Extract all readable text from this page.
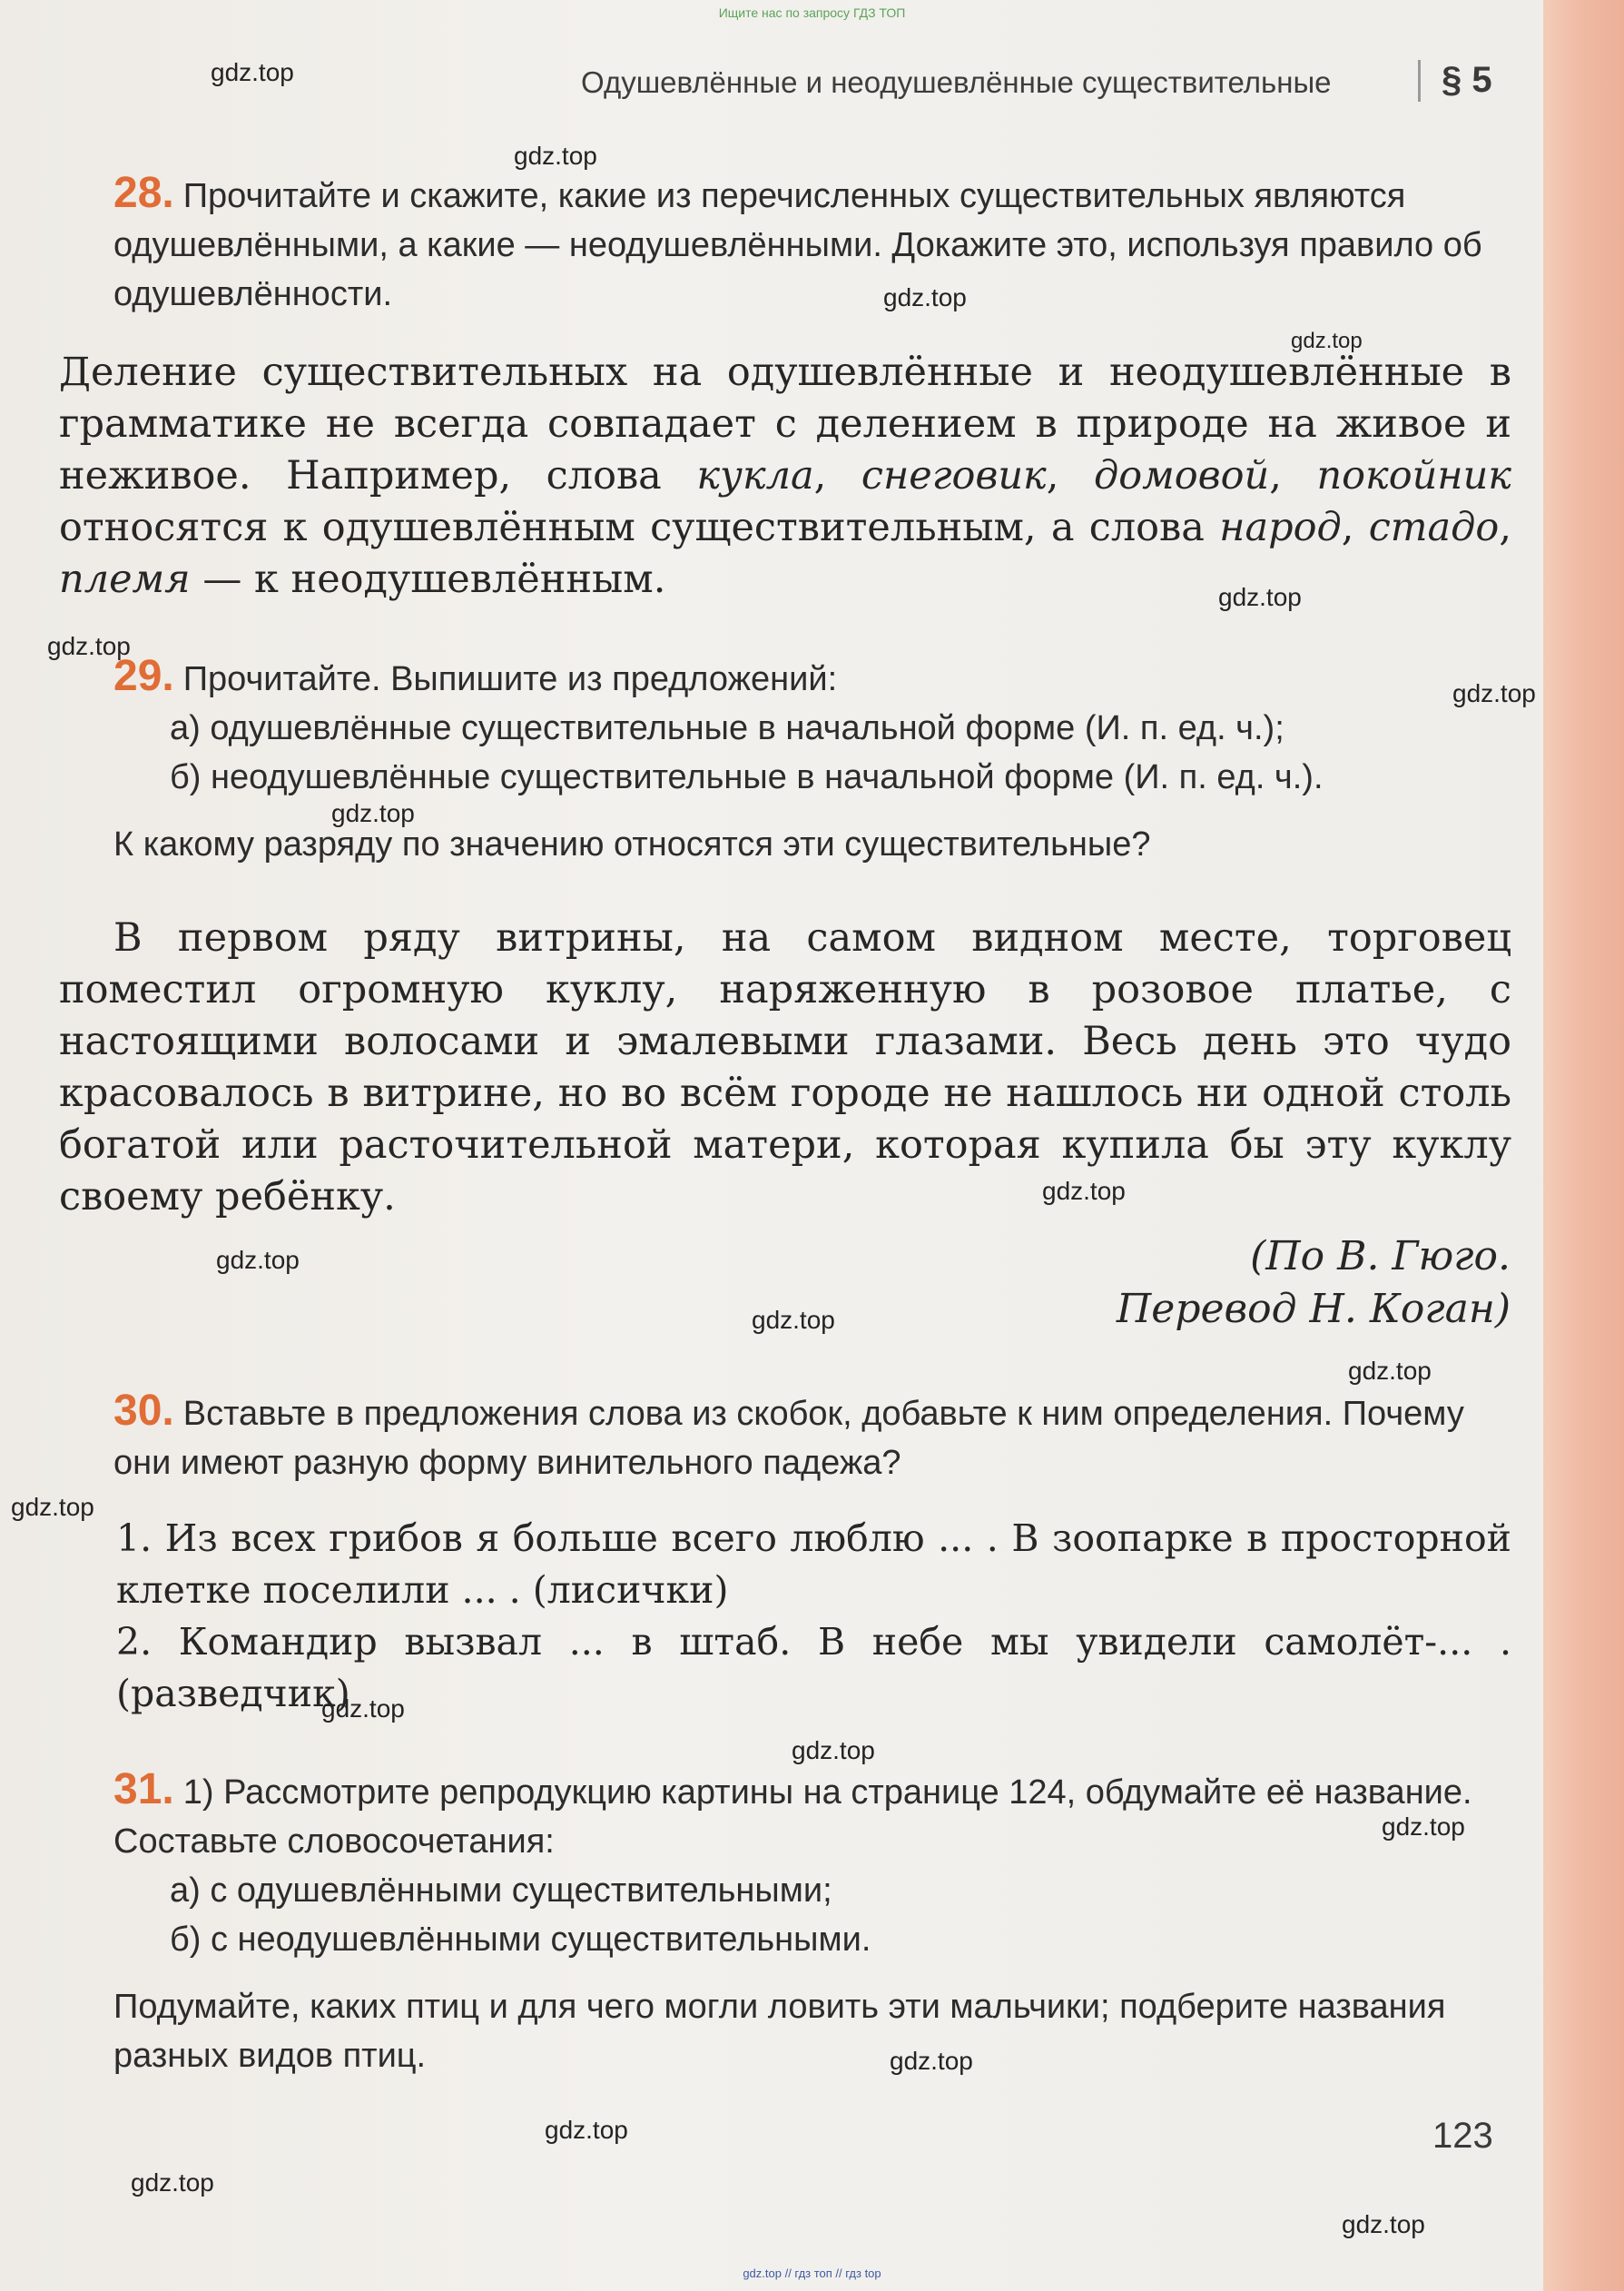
Ищите нас по запросу ГДЗ ТОП
Одушевлённые и неодушевлённые существительные	§ 5
28. Прочитайте и скажите, какие из перечисленных существительных являются одушевлёнными, а какие — неодушевлёнными. Докажите это, используя правило об одушевлённости.
Деление существительных на одушевлённые и неодушевлённые в грамматике не всегда совпадает с делением в природе на живое и неживое. Например, слова кукла, снеговик, домовой, покойник относятся к одушевлённым существительным, а слова народ, стадо, племя — к неодушевлённым.
29. Прочитайте. Выпишите из предложений:
а) одушевлённые существительные в начальной форме (И. п. ед. ч.);
б) неодушевлённые существительные в начальной форме (И. п. ед. ч.).
К какому разряду по значению относятся эти существительные?
В первом ряду витрины, на самом видном месте, торговец поместил огромную куклу, наряженную в розовое платье, с настоящими волосами и эмалевыми глазами. Весь день это чудо красовалось в витрине, но во всём городе не нашлось ни одной столь богатой или расточительной матери, которая купила бы эту куклу своему ребёнку.
(По В. Гюго.
Перевод Н. Коган)
30. Вставьте в предложения слова из скобок, добавьте к ним определения. Почему они имеют разную форму винительного падежа?
1. Из всех грибов я больше всего люблю ... . В зоопарке в просторной клетке поселили ... . (лисички)
2. Командир вызвал ... в штаб. В небе мы увидели самолёт-... . (разведчик)
31. 1) Рассмотрите репродукцию картины на странице 124, обдумайте её название. Составьте словосочетания:
а) с одушевлёнными существительными;
б) с неодушевлёнными существительными.
Подумайте, каких птиц и для чего могли ловить эти мальчики; подберите названия разных видов птиц.
123
gdz.top
gdz.top
gdz.top
gdz.top
gdz.top
gdz.top
gdz.top
gdz.top
gdz.top
gdz.top
gdz.top
gdz.top
gdz.top
gdz.top
gdz.top
gdz.top
gdz.top
gdz.top
gdz.top
gdz.top
gdz.top // гдз топ // гдз top
